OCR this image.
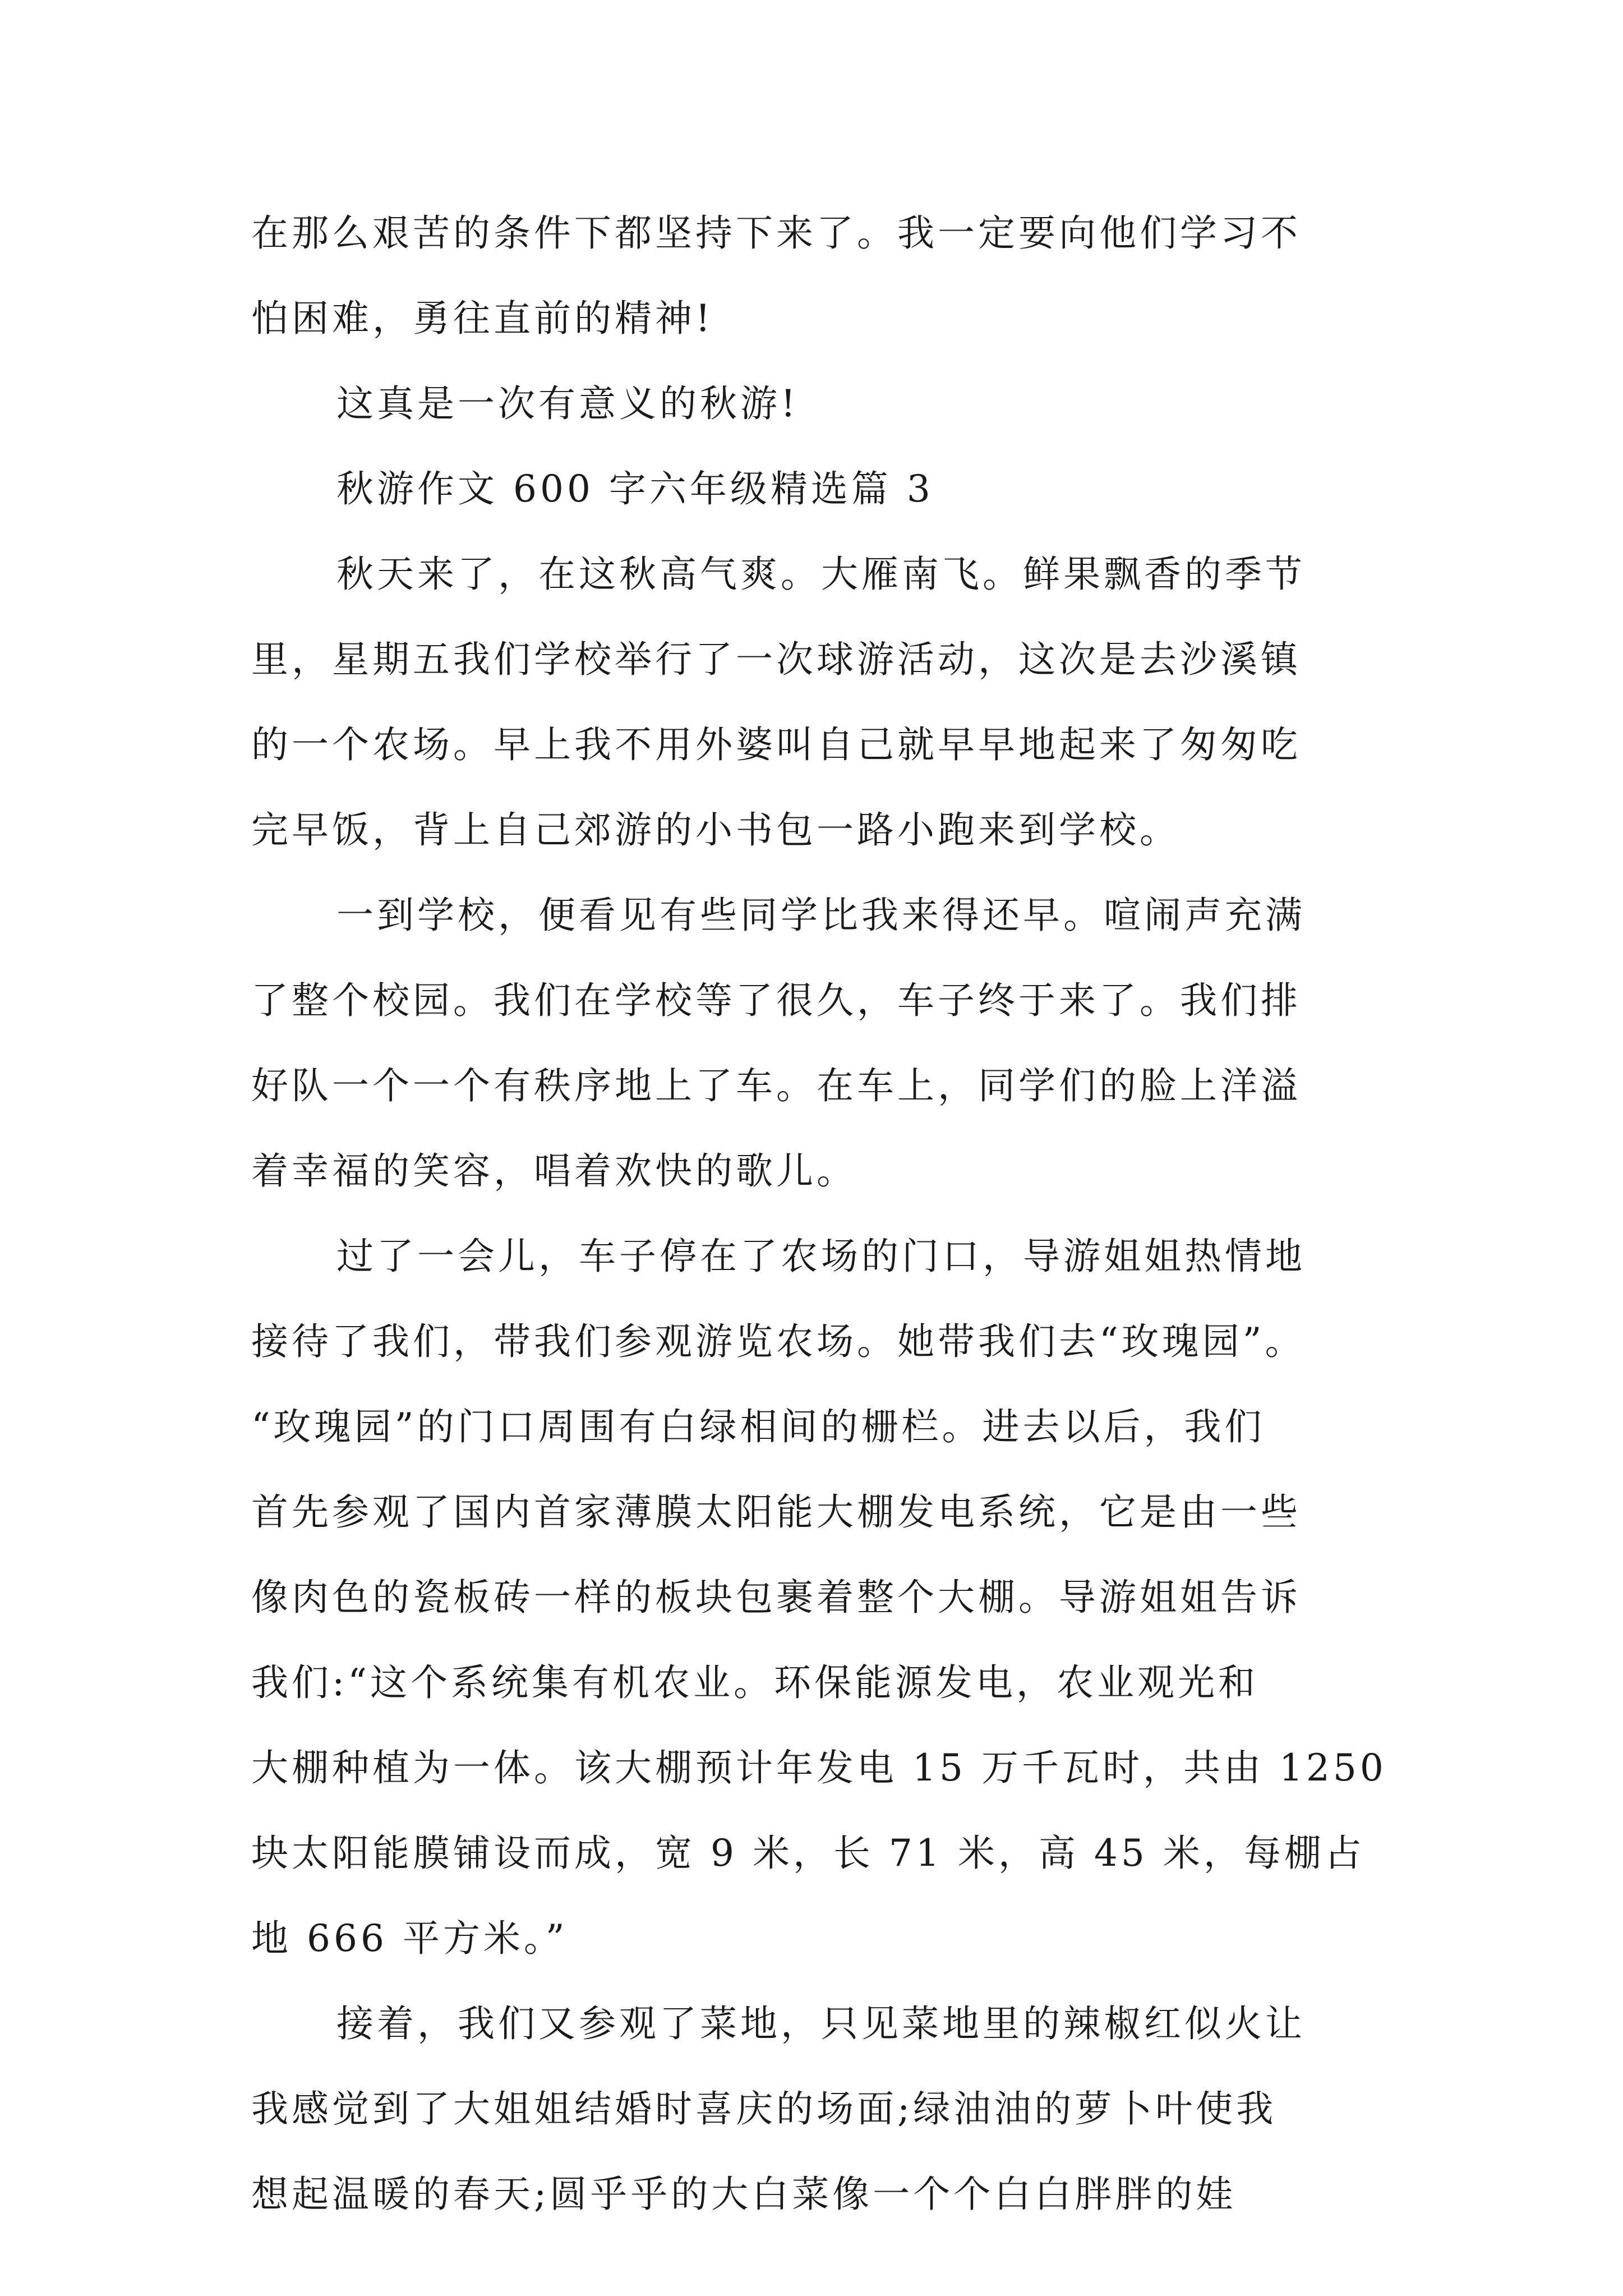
在那么艰苦的条件下都坚持下来了。我一定要向他们学习不
怕困难，勇往直前的精神!
这真是一次有意义的秋游!
秋游作文 600 字六年级精选篇 3
秋天来了，在这秋高气爽。大雁南飞。鲜果飘香的季节
里，星期五我们学校举行了一次球游活动，这次是去沙溪镇
的一个农场。早上我不用外婆叫自己就早早地起来了匆匆吃
完早饭，背上自己郊游的小书包一路小跑来到学校。
一到学校，便看见有些同学比我来得还早。喧闹声充满
了整个校园。我们在学校等了很久，车子终于来了。我们排
好队一个一个有秩序地上了车。在车上，同学们的脸上洋溢
着幸福的笑容，唱着欢快的歌儿。
过了一会儿，车子停在了农场的门口，导游姐姐热情地
接待了我们，带我们参观游览农场。她带我们去“玫瑰园”。
“玫瑰园”的门口周围有白绿相间的栅栏。进去以后，我们
首先参观了国内首家薄膜太阳能大棚发电系统，它是由一些
像肉色的瓷板砖一样的板块包裹着整个大棚。导游姐姐告诉
我们:“这个系统集有机农业。环保能源发电，农业观光和
大棚种植为一体。该大棚预计年发电 15 万千瓦时，共由 1250
块太阳能膜铺设而成，宽 9 米，长 71 米，高 45 米，每棚占
地 666 平方米。”
接着，我们又参观了菜地，只见菜地里的辣椒红似火让
我感觉到了大姐姐结婚时喜庆的场面;绿油油的萝卜叶使我
想起温暖的春天;圆乎乎的大白菜像一个个白白胖胖的娃
